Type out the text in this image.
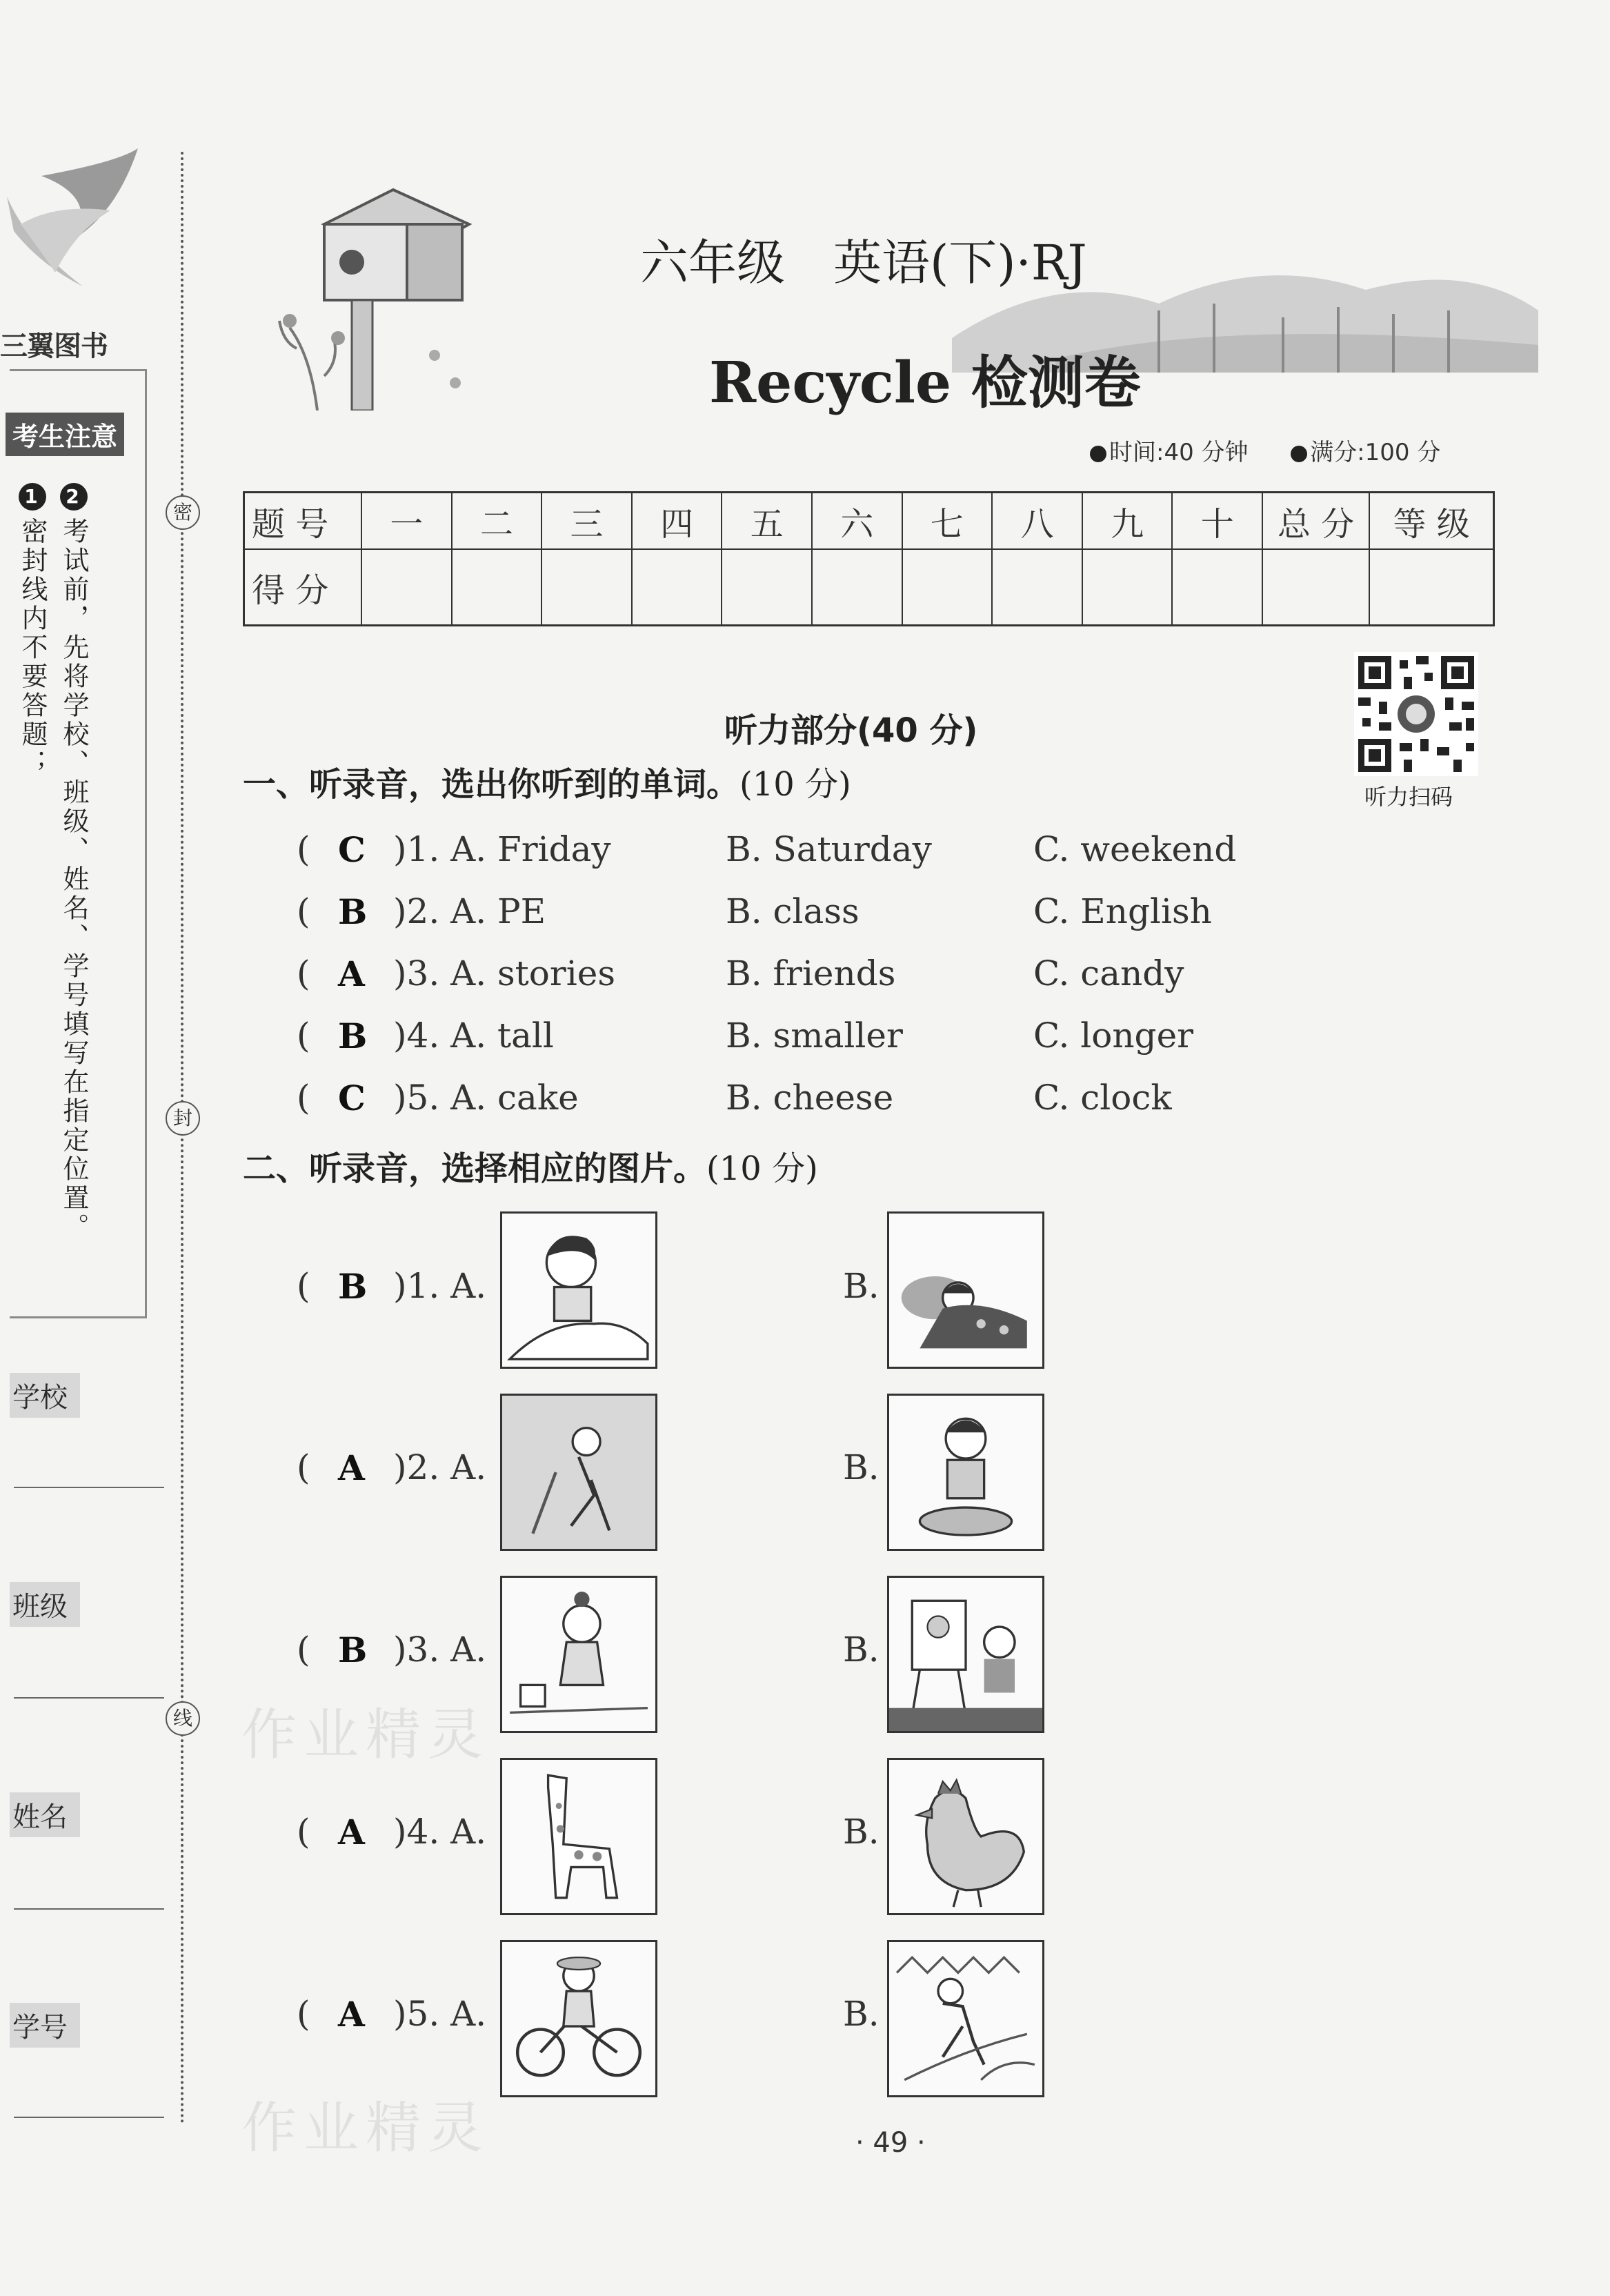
三翼图书
考生注意
2考试前，先将学校、班级、姓名、学号填写在指定位置。
1密封线内不要答题；
学校
班级
姓名
学号
密
封
线
六年级　英语(下)·RJ
Recycle 检测卷
时间:40 分钟	满分:100 分
题 号	一	二	三	四	五	六	七	八	九	十	总 分	等 级
得 分												
听力扫码
听力部分(40 分)
一、听录音，选出你听到的单词。(10 分)
( C )1. A. Friday	B. Saturday	C. weekend
( B )2. A. PE	B. class	C. English
( A )3. A. stories	B. friends	C. candy
( B )4. A. tall	B. smaller	C. longer
( C )5. A. cake	B. cheese	C. clock
二、听录音，选择相应的图片。(10 分)
( B )1. A.	B.
( A )2. A.	B.
( B )3. A.	B.
( A )4. A.	B.
( A )5. A.	B.
作业精灵
作业精灵	· 49 ·
